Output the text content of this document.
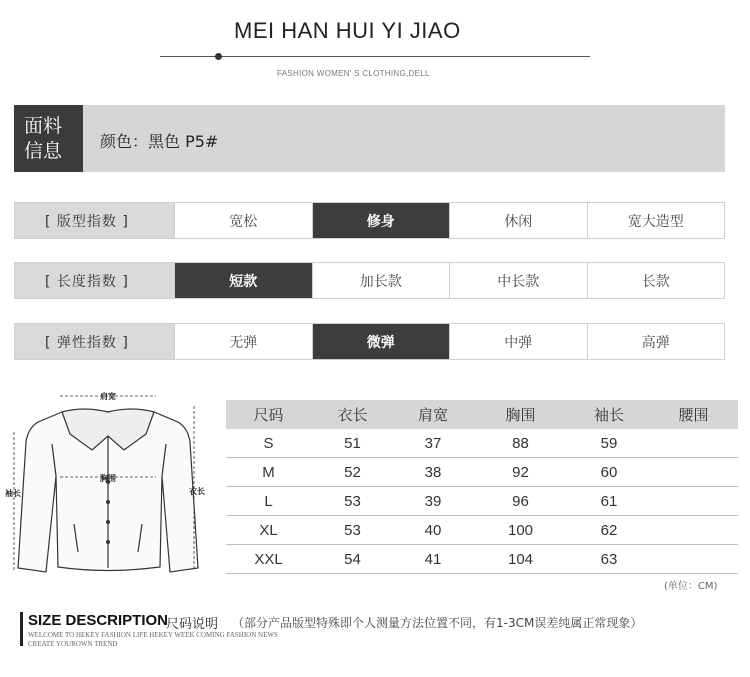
MEI HAN HUI YI JIAO
FASHION WOMEN’ S CLOTHING,DELL
面料
信息	颜色：黑色 P5#
[ 版型指数 ]	宽松	修身	休闲	宽大造型
[ 长度指数 ]	短款	加长款	中长款	长款
[ 弹性指数 ]	无弹	微弹	中弹	高弹
肩宽
胸围
袖长	衣长
尺码	衣长	肩宽	胸围	袖长	腰围
S	51	37	88	59
M	52	38	92	60
L	53	39	96	61
XL	53	40	100	62
XXL	54	41	104	63
(单位：CM)
SIZE DESCRIPTION
尺码说明 （部分产品版型特殊即个人测量方法位置不同，有1-3CM误差纯属正常现象）
WELCOME TO HEKEY FASHION LIFE HEKEY WEEK COMING FASHION NEWS
CREATE YOUROWN TREND
